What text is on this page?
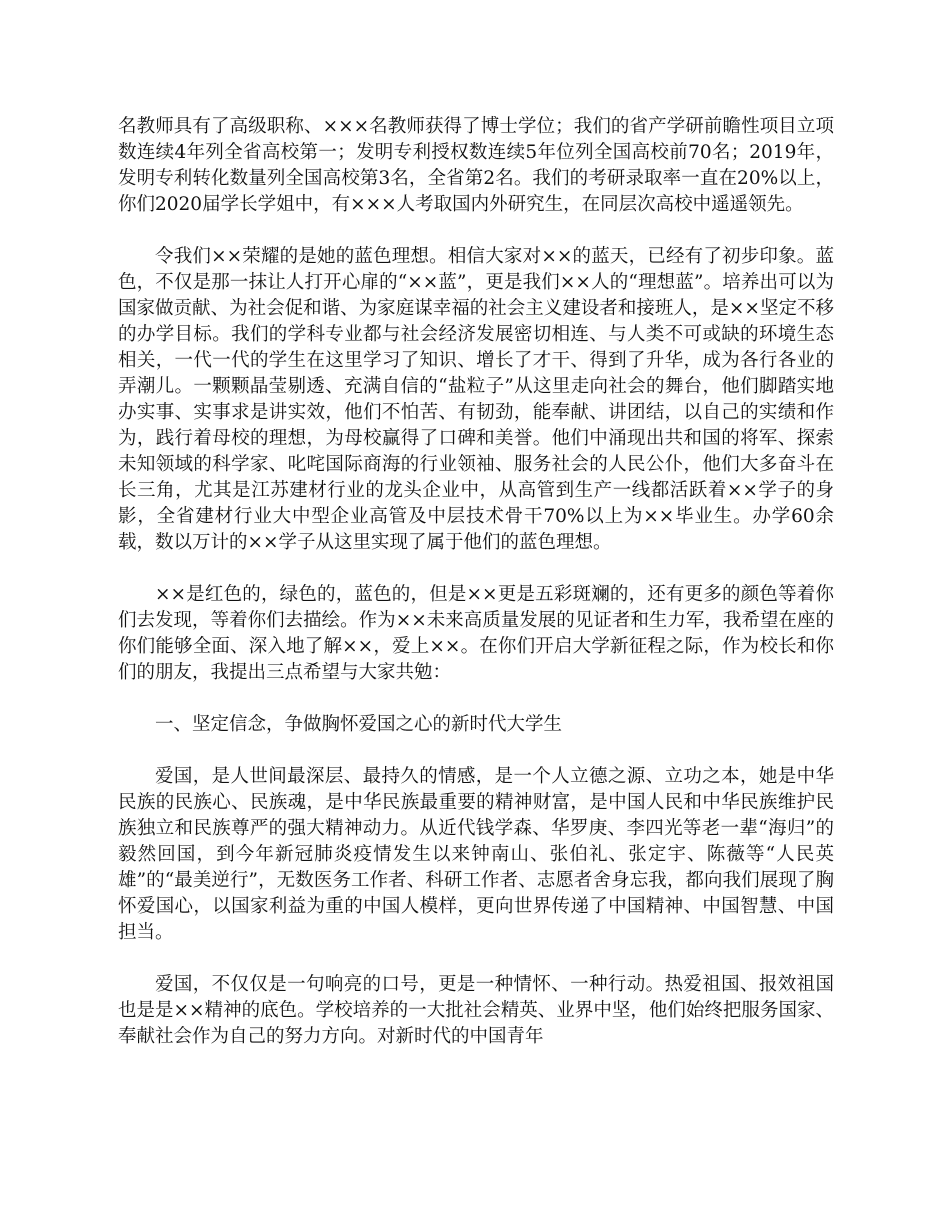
名教师具有了高级职称、×××名教师获得了博士学位；我们的省产学研前瞻性项目立项数连续4年列全省高校第一；发明专利授权数连续5年位列全国高校前70名；2019年，发明专利转化数量列全国高校第3名，全省第2名。我们的考研录取率一直在20%以上，你们2020届学长学姐中，有×××人考取国内外研究生，在同层次高校中遥遥领先。

令我们××荣耀的是她的蓝色理想。相信大家对××的蓝天，已经有了初步印象。蓝色，不仅是那一抹让人打开心扉的“××蓝”，更是我们××人的“理想蓝”。培养出可以为国家做贡献、为社会促和谐、为家庭谋幸福的社会主义建设者和接班人，是××坚定不移的办学目标。我们的学科专业都与社会经济发展密切相连、与人类不可或缺的环境生态相关，一代一代的学生在这里学习了知识、增长了才干、得到了升华，成为各行各业的弄潮儿。一颗颗晶莹剔透、充满自信的“盐粒子”从这里走向社会的舞台，他们脚踏实地办实事、实事求是讲实效，他们不怕苦、有韧劲，能奉献、讲团结，以自己的实绩和作为，践行着母校的理想，为母校赢得了口碑和美誉。他们中涌现出共和国的将军、探索未知领域的科学家、叱咤国际商海的行业领袖、服务社会的人民公仆，他们大多奋斗在长三角，尤其是江苏建材行业的龙头企业中，从高管到生产一线都活跃着××学子的身影，全省建材行业大中型企业高管及中层技术骨干70%以上为××毕业生。办学60余载，数以万计的××学子从这里实现了属于他们的蓝色理想。

××是红色的，绿色的，蓝色的，但是××更是五彩斑斓的，还有更多的颜色等着你们去发现，等着你们去描绘。作为××未来高质量发展的见证者和生力军，我希望在座的你们能够全面、深入地了解××，爱上××。在你们开启大学新征程之际，作为校长和你们的朋友，我提出三点希望与大家共勉：

一、坚定信念，争做胸怀爱国之心的新时代大学生

爱国，是人世间最深层、最持久的情感，是一个人立德之源、立功之本，她是中华民族的民族心、民族魂，是中华民族最重要的精神财富，是中国人民和中华民族维护民族独立和民族尊严的强大精神动力。从近代钱学森、华罗庚、李四光等老一辈“海归”的毅然回国，到今年新冠肺炎疫情发生以来钟南山、张伯礼、张定宇、陈薇等“人民英雄”的“最美逆行”，无数医务工作者、科研工作者、志愿者舍身忘我，都向我们展现了胸怀爱国心，以国家利益为重的中国人模样，更向世界传递了中国精神、中国智慧、中国担当。

爱国，不仅仅是一句响亮的口号，更是一种情怀、一种行动。热爱祖国、报效祖国也是是××精神的底色。学校培养的一大批社会精英、业界中坚，他们始终把服务国家、奉献社会作为自己的努力方向。对新时代的中国青年
